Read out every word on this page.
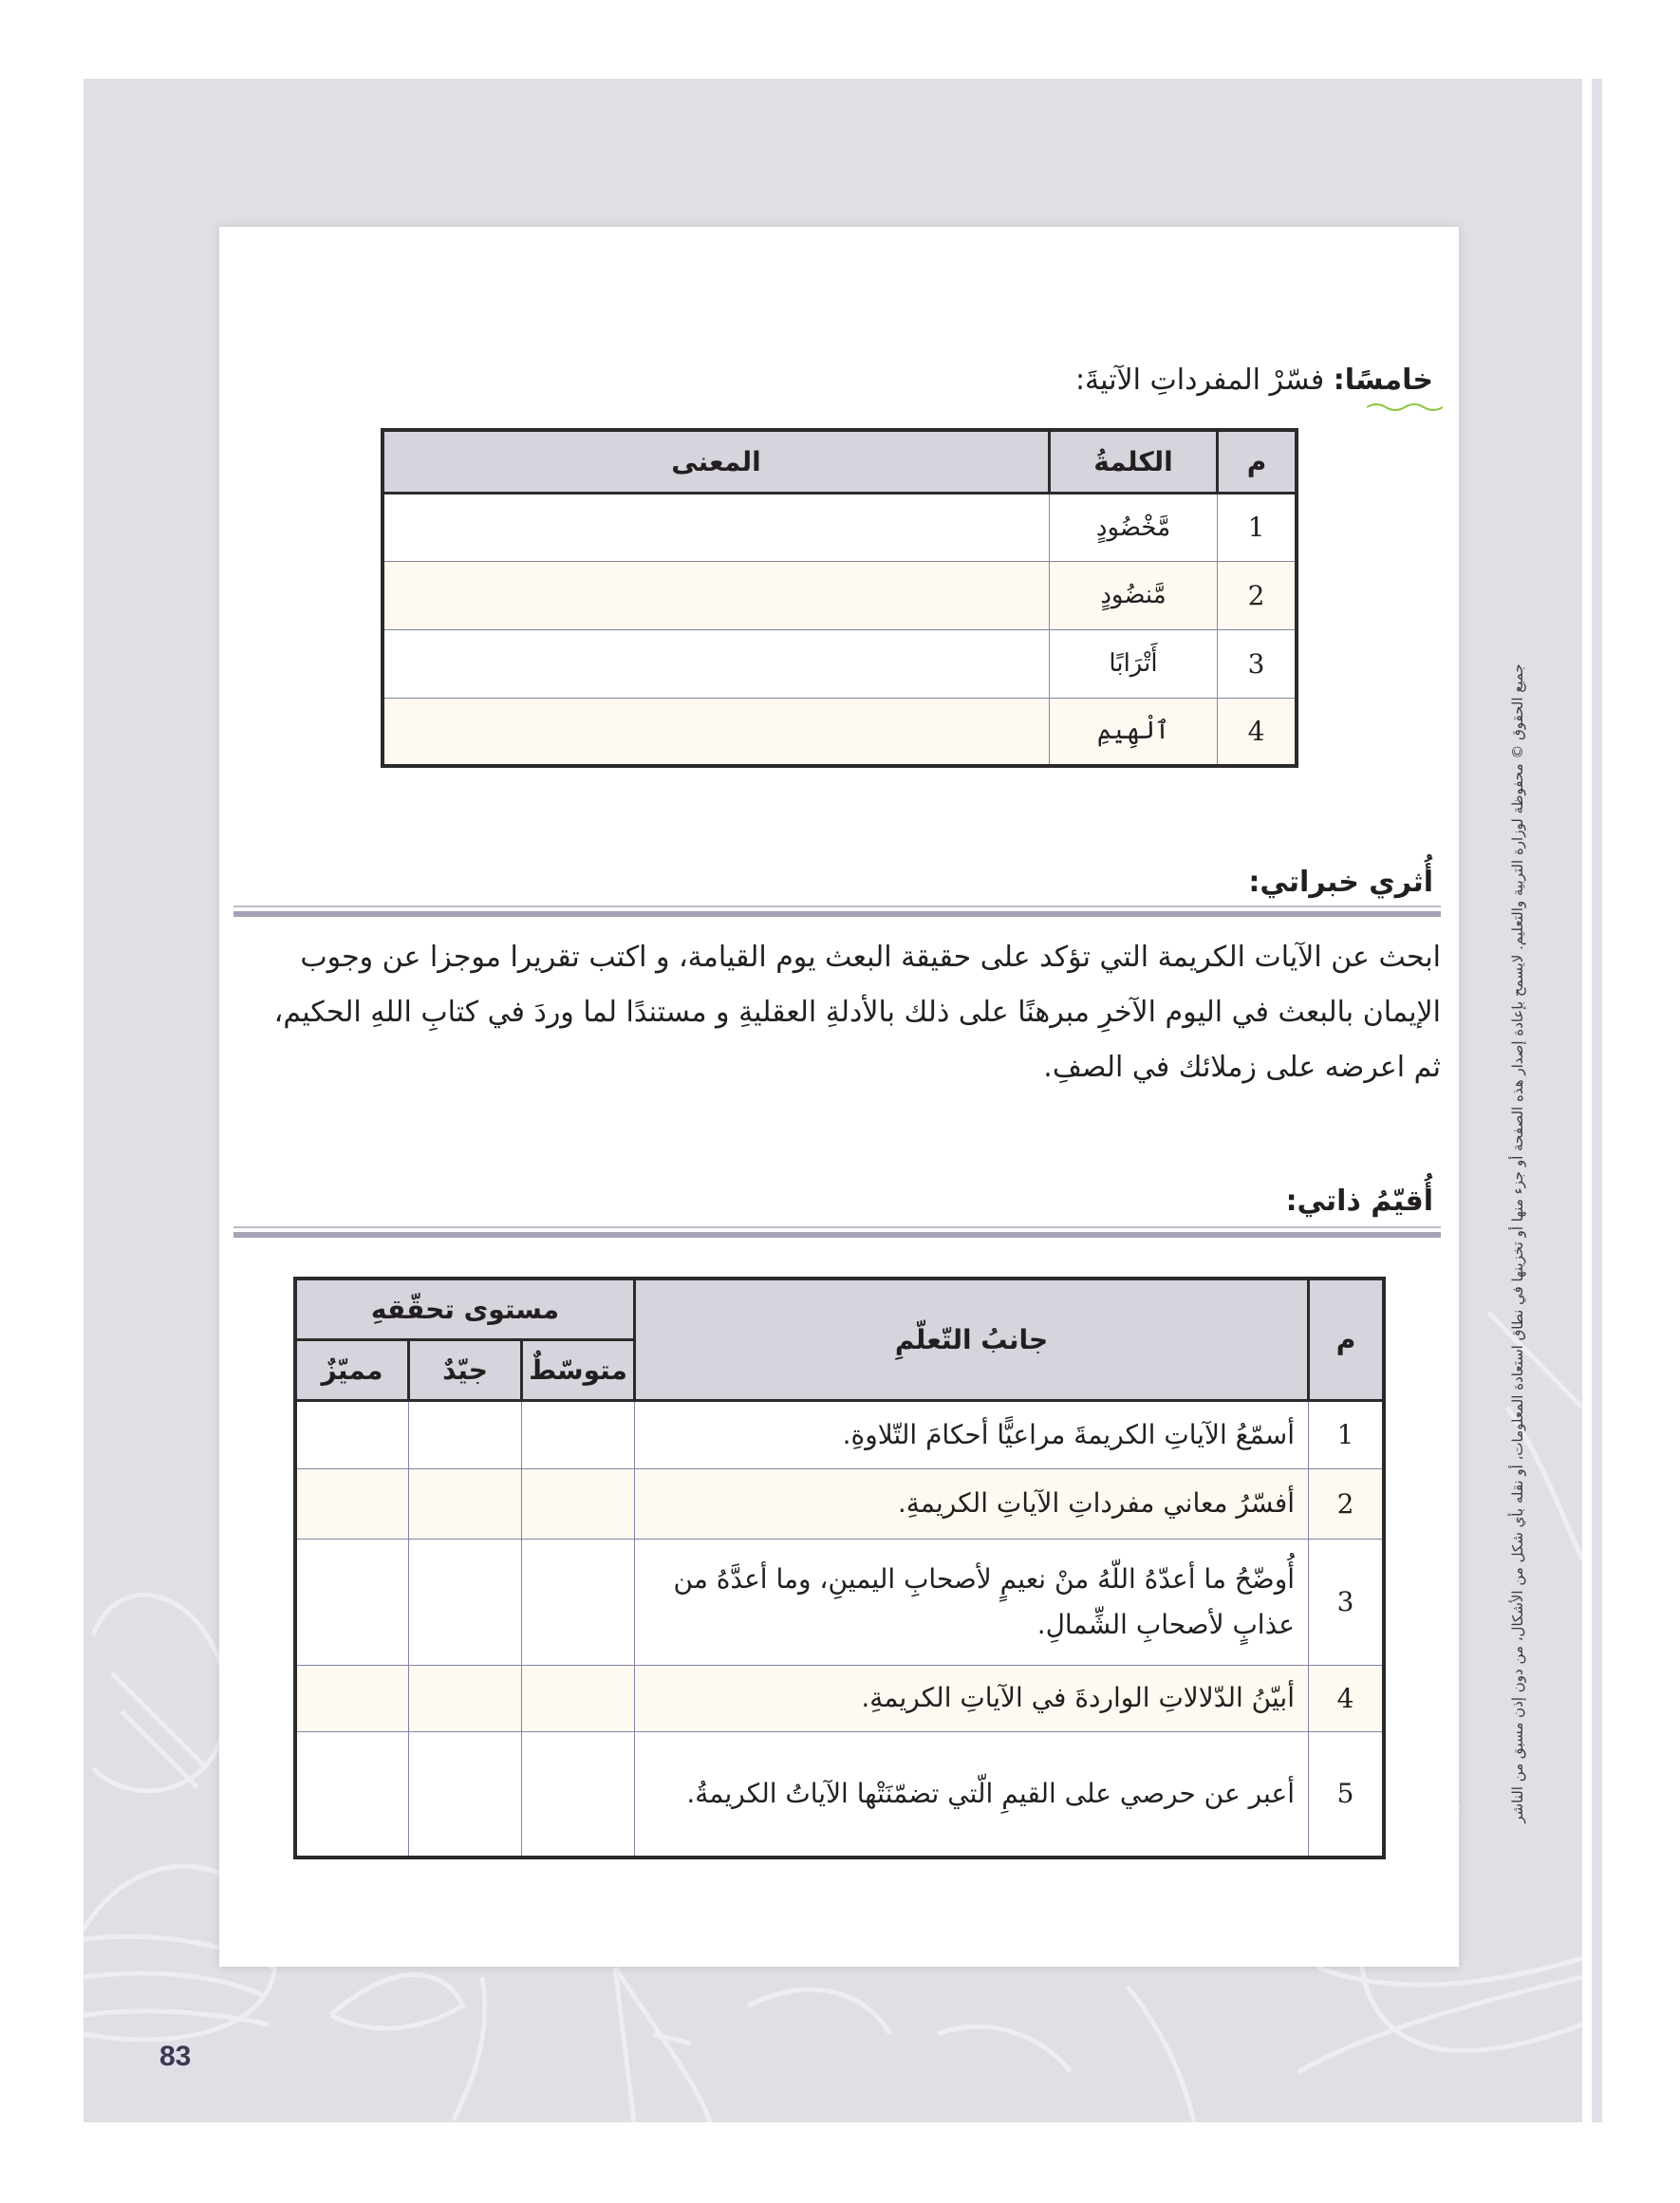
جميع الحقوق © محفوظة لوزارة التربية والتعليم. لايسمح بإعادة إصدار هذه الصفحة أو جزء منها أو تخزينها في نطاق استعادة المعلومات، أو نقله بأي شكل من الأشكال، من دون إذن مسبق من الناشر
خامسًا: فسّرْ المفرداتِ الآتيةَ:
م	الكلمةُ	المعنى
1	مَّخْضُودٍ	
2	مَّنضُودٍ	
3	أَتْرَابًا	
4	ٱلْهِيمِ	
أُثري خبراتي:
ابحث عن الآيات الكريمة التي تؤكد على حقيقة البعث يوم القيامة، و اكتب تقريرا موجزا عن وجوب
الإيمان بالبعث في اليوم الآخرِ مبرهنًا على ذلك بالأدلةِ العقليةِ و مستندًا لما وردَ في كتابِ اللهِ الحكيم،
ثم اعرضه على زملائك في الصفِ.
أُقيّمُ ذاتي:
م	جانبُ التّعلّمِ	مستوى تحقّقهِ		
		متوسّطٌ	جيّدٌ	مميّزٌ
1	أسمّعُ الآياتِ الكريمةَ مراعيًّا أحكامَ التّلاوةِ.			
2	أفسّرُ معاني مفرداتِ الآياتِ الكريمةِ.			
3	أُوضّحُ ما أعدّهُ اللّهُ منْ نعيمٍ لأصحابِ اليمينِ، وما أعدَّهُ من عذابٍ لأصحابِ الشِّمالِ.			
4	أبيّنُ الدّلالاتِ الواردةَ في الآياتِ الكريمةِ.			
5	أعبر عن حرصي على القيمِ الّتي تضمّنَتْها الآياتُ الكريمةُ.			
83
